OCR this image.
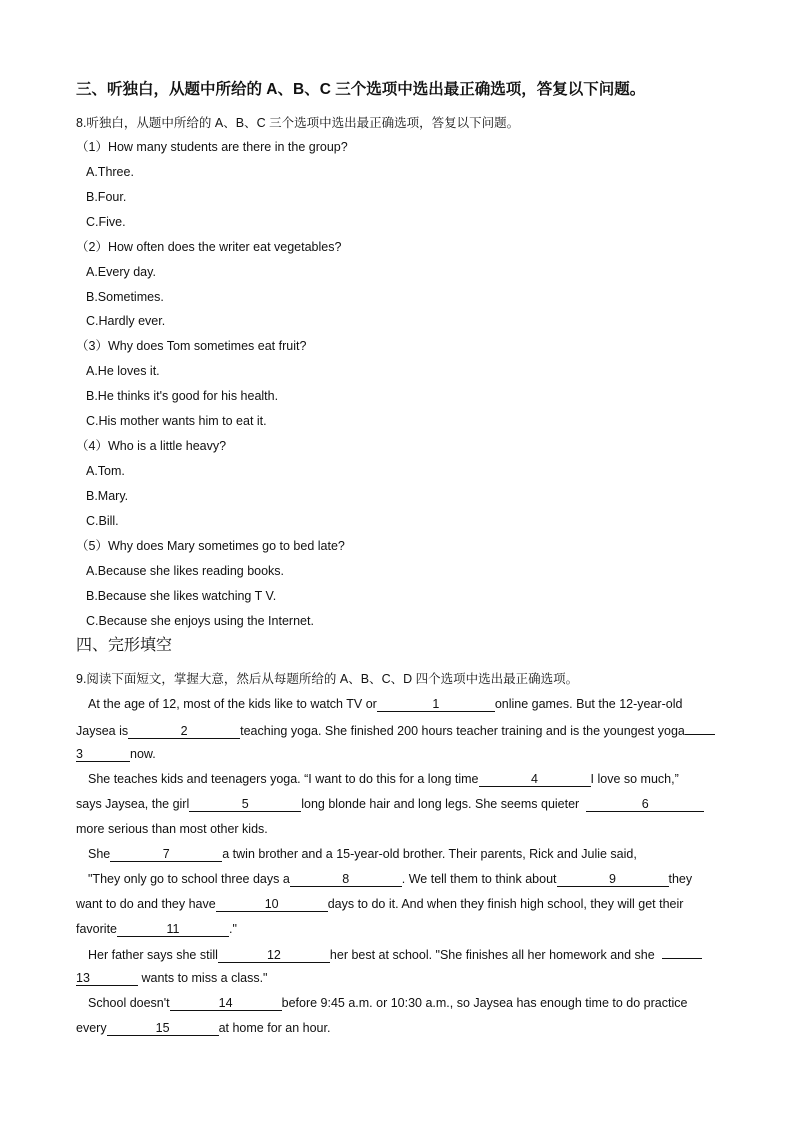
三、听独白，从题中所给的 A、B、C 三个选项中选出最正确选项，答复以下问题。
8.听独白，从题中所给的 A、B、C 三个选项中选出最正确选项，答复以下问题。
（1）How many students are there in the group?
A.Three.
B.Four.
C.Five.
（2）How often does the writer eat vegetables?
A.Every day.
B.Sometimes.
C.Hardly ever.
（3）Why does Tom sometimes eat fruit?
A.He loves it.
B.He thinks it's good for his health.
C.His mother wants him to eat it.
（4）Who is a little heavy?
A.Tom.
B.Mary.
C.Bill.
（5）Why does Mary sometimes go to bed late?
A.Because she likes reading books.
B.Because she likes watching T V.
C.Because she enjoys using the Internet.
四、完形填空
9.阅读下面短文，掌握大意，然后从每题所给的 A、B、C、D 四个选项中选出最正确选项。
At the age of 12, most of the kids like to watch TV or	1	online games. But the 12-year-old
Jaysea is	2	teaching yoga. She finished 200 hours teacher training and is the youngest yoga
3	now.
She teaches kids and teenagers yoga. “I want to do this for a long time	4	I love so much,”
says Jaysea, the girl	5	long blonde hair and long legs. She seems quieter	6
more serious than most other kids.
She	7	a twin brother and a 15-year-old brother. Their parents, Rick and Julie said,
"They only go to school three days a	8	. We tell them to think about	9	they
want to do and they have	10	days to do it. And when they finish high school, they will get their
favorite	11	."
Her father says she still	12	her best at school. "She finishes all her homework and she
13	wants to miss a class."
School doesn't	14	before 9:45 a.m. or 10:30 a.m., so Jaysea has enough time to do practice
every	15	at home for an hour.
